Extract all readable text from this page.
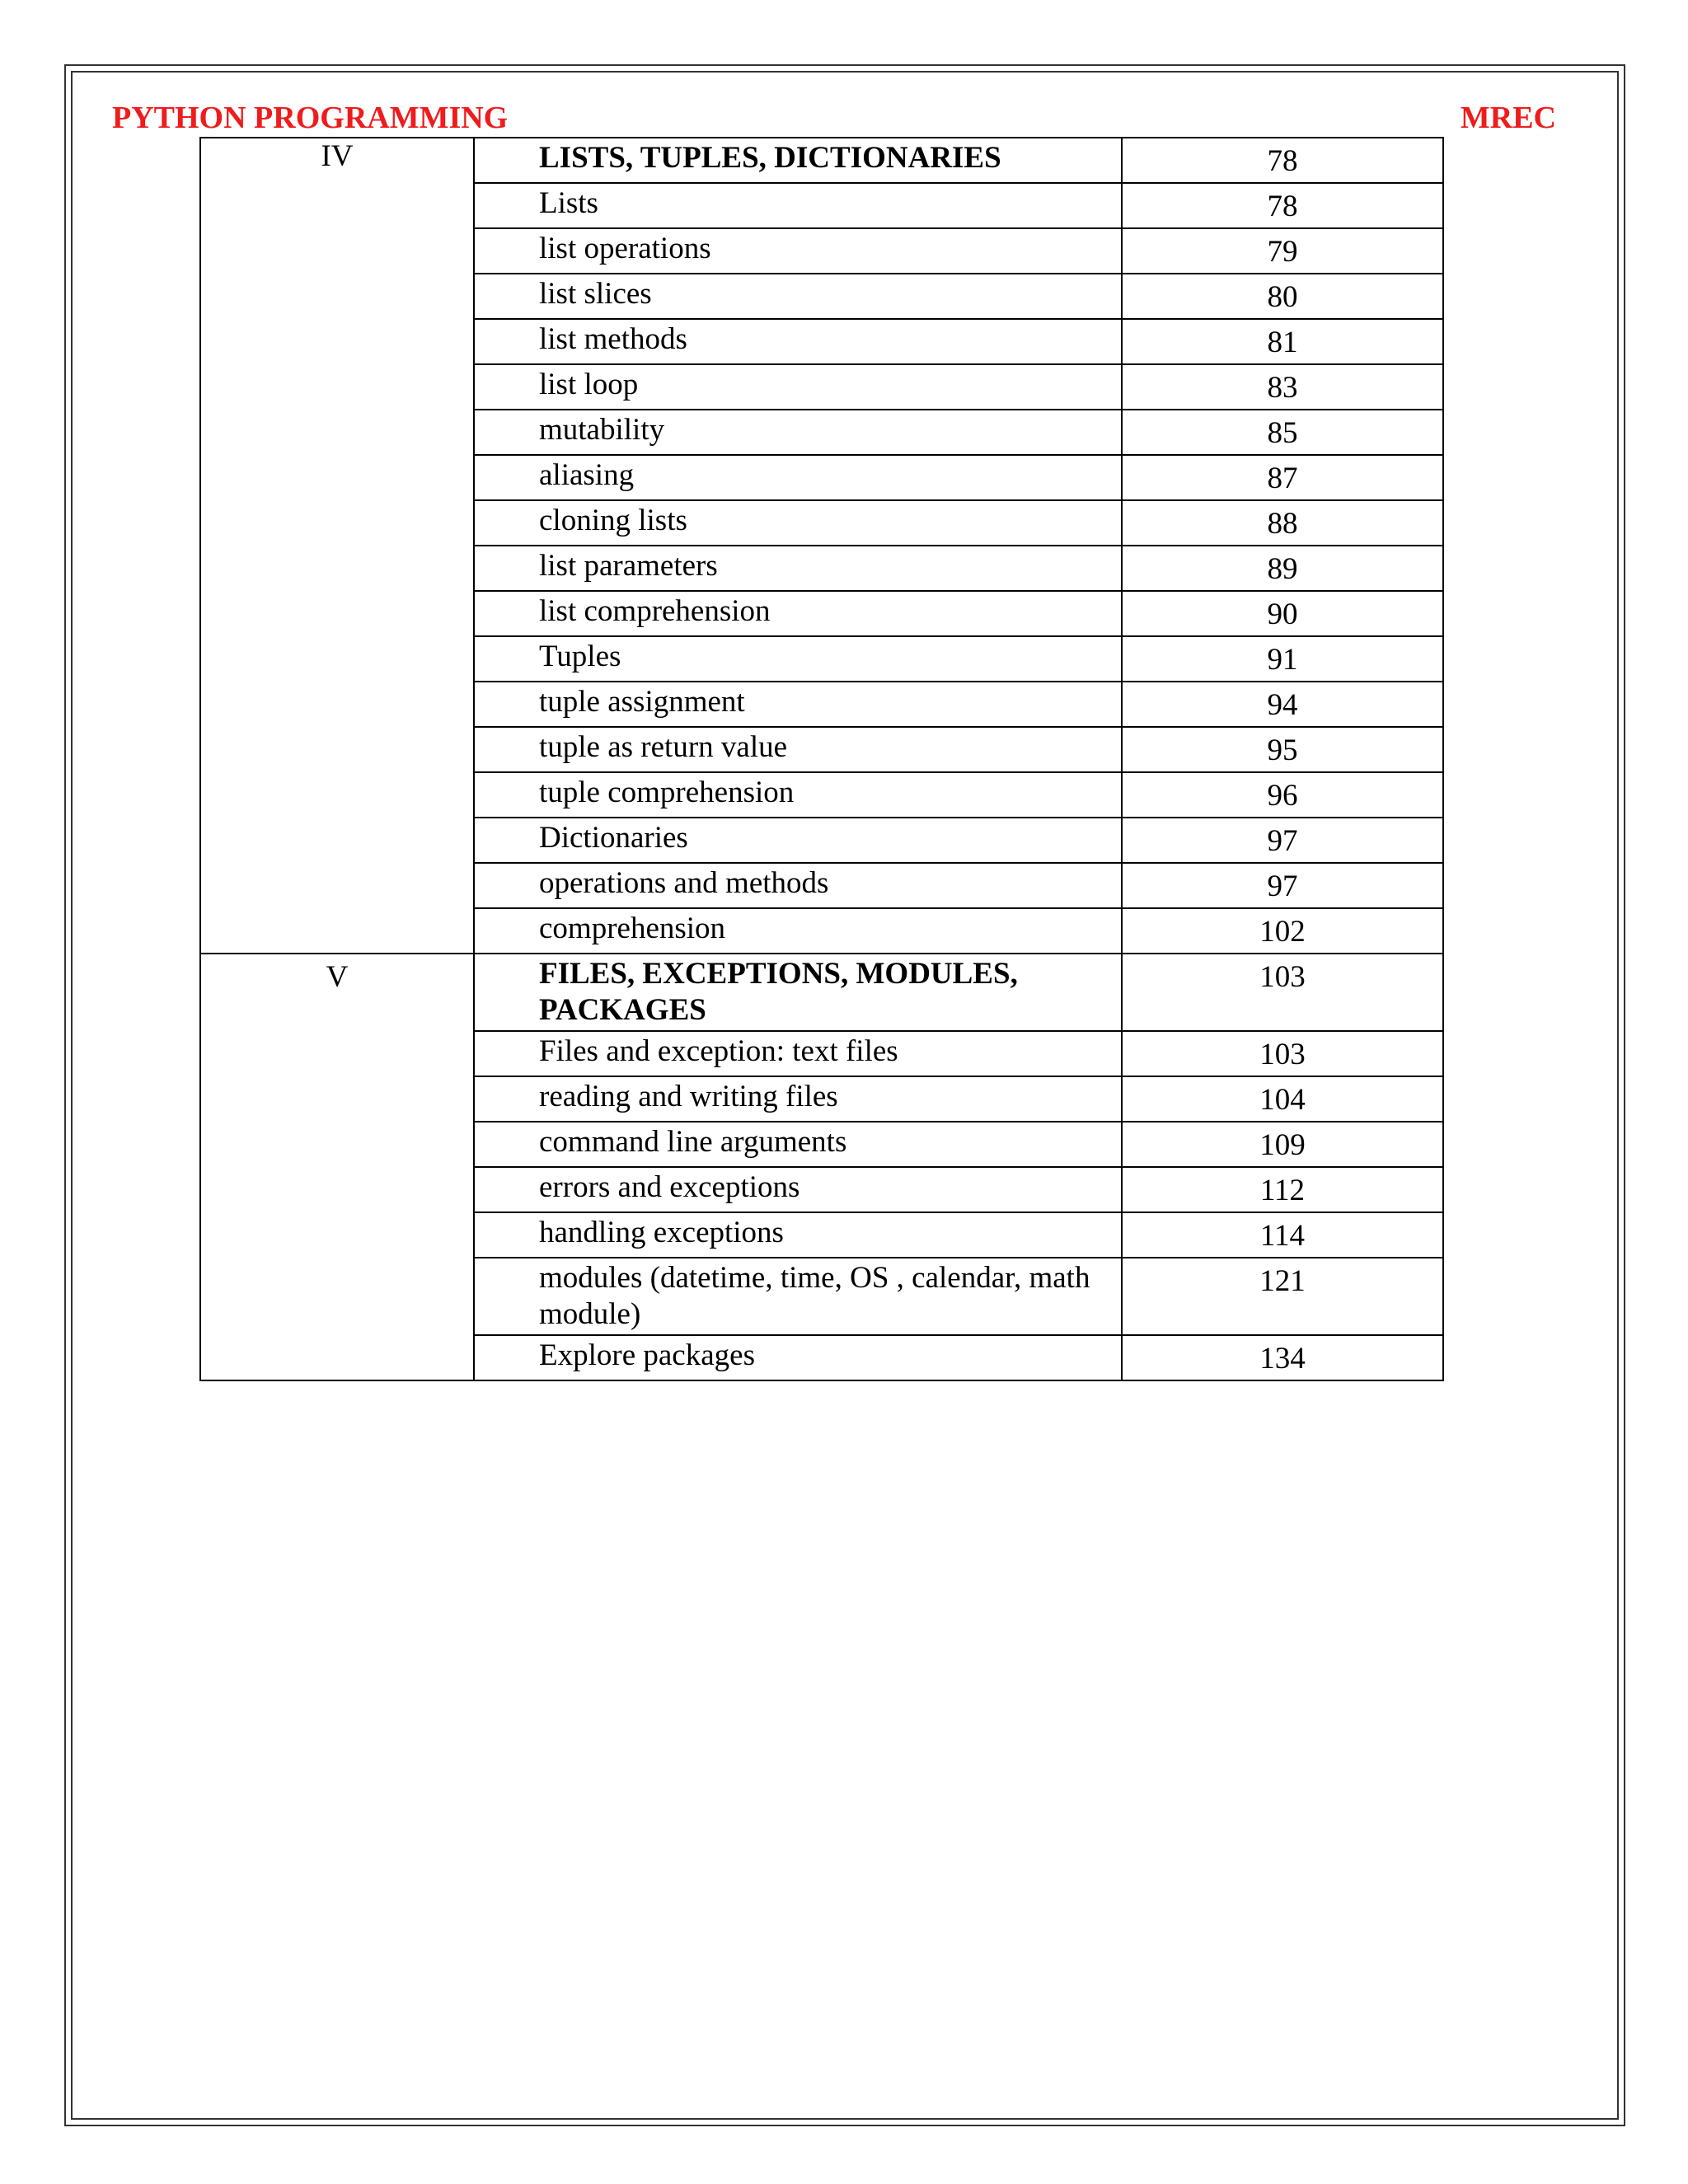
PYTHON PROGRAMMING	MREC
IV	LISTS, TUPLES, DICTIONARIES	78

	Lists	78

	list operations	79

	list slices	80

	list methods	81

	list loop	83

	mutability	85

	aliasing	87

	cloning lists	88

	list parameters	89

	list comprehension	90

	Tuples	91

	tuple assignment	94

	tuple as return value	95

	tuple comprehension	96

	Dictionaries	97

	operations and methods	97

	comprehension	102

V	FILES, EXCEPTIONS, MODULES, PACKAGES	103

	Files and exception: text files	103

	reading and writing files	104

	command line arguments	109

	errors and exceptions	112

	handling exceptions	114

	modules (datetime, time, OS , calendar, math module)	121

	Explore packages	134
